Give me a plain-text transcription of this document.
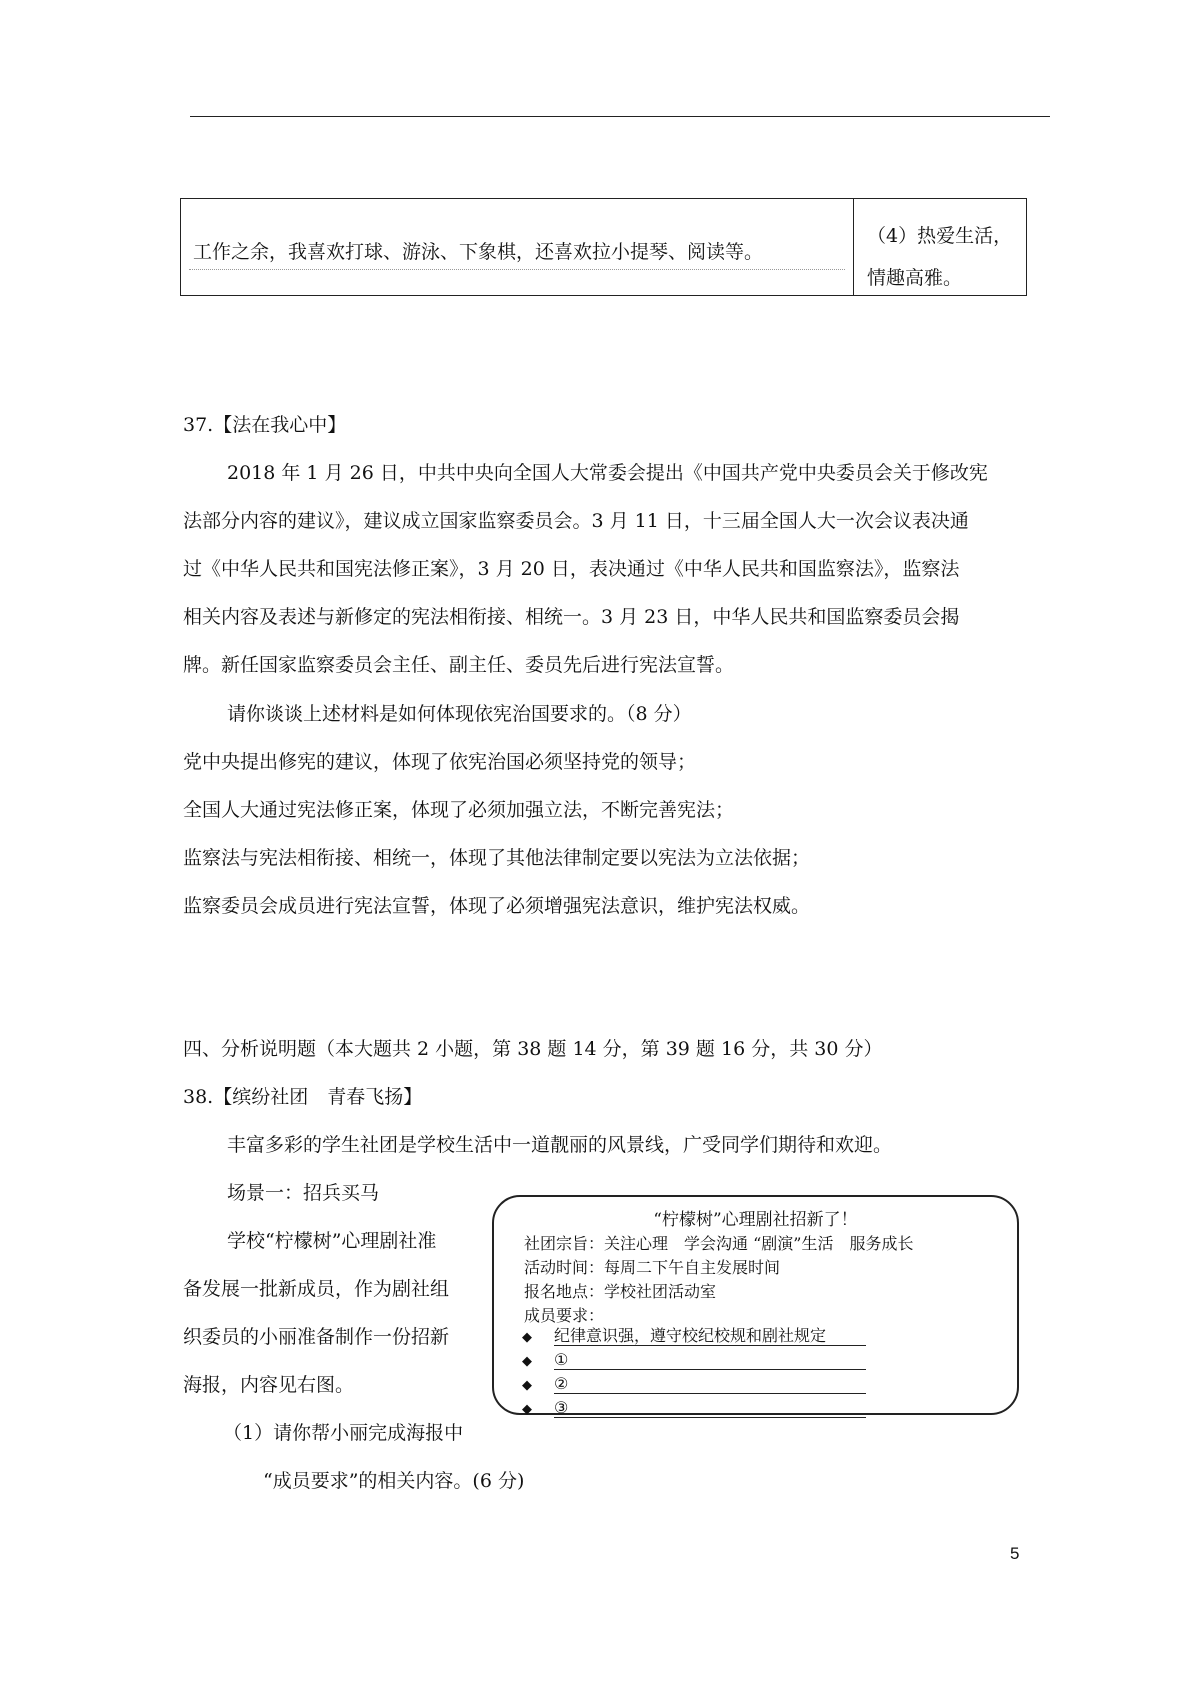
工作之余，我喜欢打球、游泳、下象棋，还喜欢拉小提琴、阅读等。
（4）热爱生活，
情趣高雅。
37.【法在我心中】
2018 年 1 月 26 日，中共中央向全国人大常委会提出《中国共产党中央委员会关于修改宪
法部分内容的建议》，建议成立国家监察委员会。3 月 11 日，十三届全国人大一次会议表决通
过《中华人民共和国宪法修正案》，3 月 20 日，表决通过《中华人民共和国监察法》，监察法
相关内容及表述与新修定的宪法相衔接、相统一。3 月 23 日，中华人民共和国监察委员会揭
牌。新任国家监察委员会主任、副主任、委员先后进行宪法宣誓。
请你谈谈上述材料是如何体现依宪治国要求的。（8 分）
党中央提出修宪的建议，体现了依宪治国必须坚持党的领导；
全国人大通过宪法修正案，体现了必须加强立法，不断完善宪法；
监察法与宪法相衔接、相统一，体现了其他法律制定要以宪法为立法依据；
监察委员会成员进行宪法宣誓，体现了必须增强宪法意识，维护宪法权威。
四、分析说明题（本大题共 2 小题，第 38 题 14 分，第 39 题 16 分，共 30 分）
38.【缤纷社团　青春飞扬】
丰富多彩的学生社团是学校生活中一道靓丽的风景线，广受同学们期待和欢迎。
场景一：招兵买马
学校“柠檬树”心理剧社准
备发展一批新成员，作为剧社组
织委员的小丽准备制作一份招新
海报，内容见右图。
（1）请你帮小丽完成海报中
“成员要求”的相关内容。(6 分)
“柠檬树”心理剧社招新了！
社团宗旨：关注心理　学会沟通 “剧演”生活　服务成长
活动时间：每周二下午自主发展时间
报名地点：学校社团活动室
成员要求：
◆ 纪律意识强，遵守校纪校规和剧社规定
◆ ①
◆ ②
◆ ③
5
